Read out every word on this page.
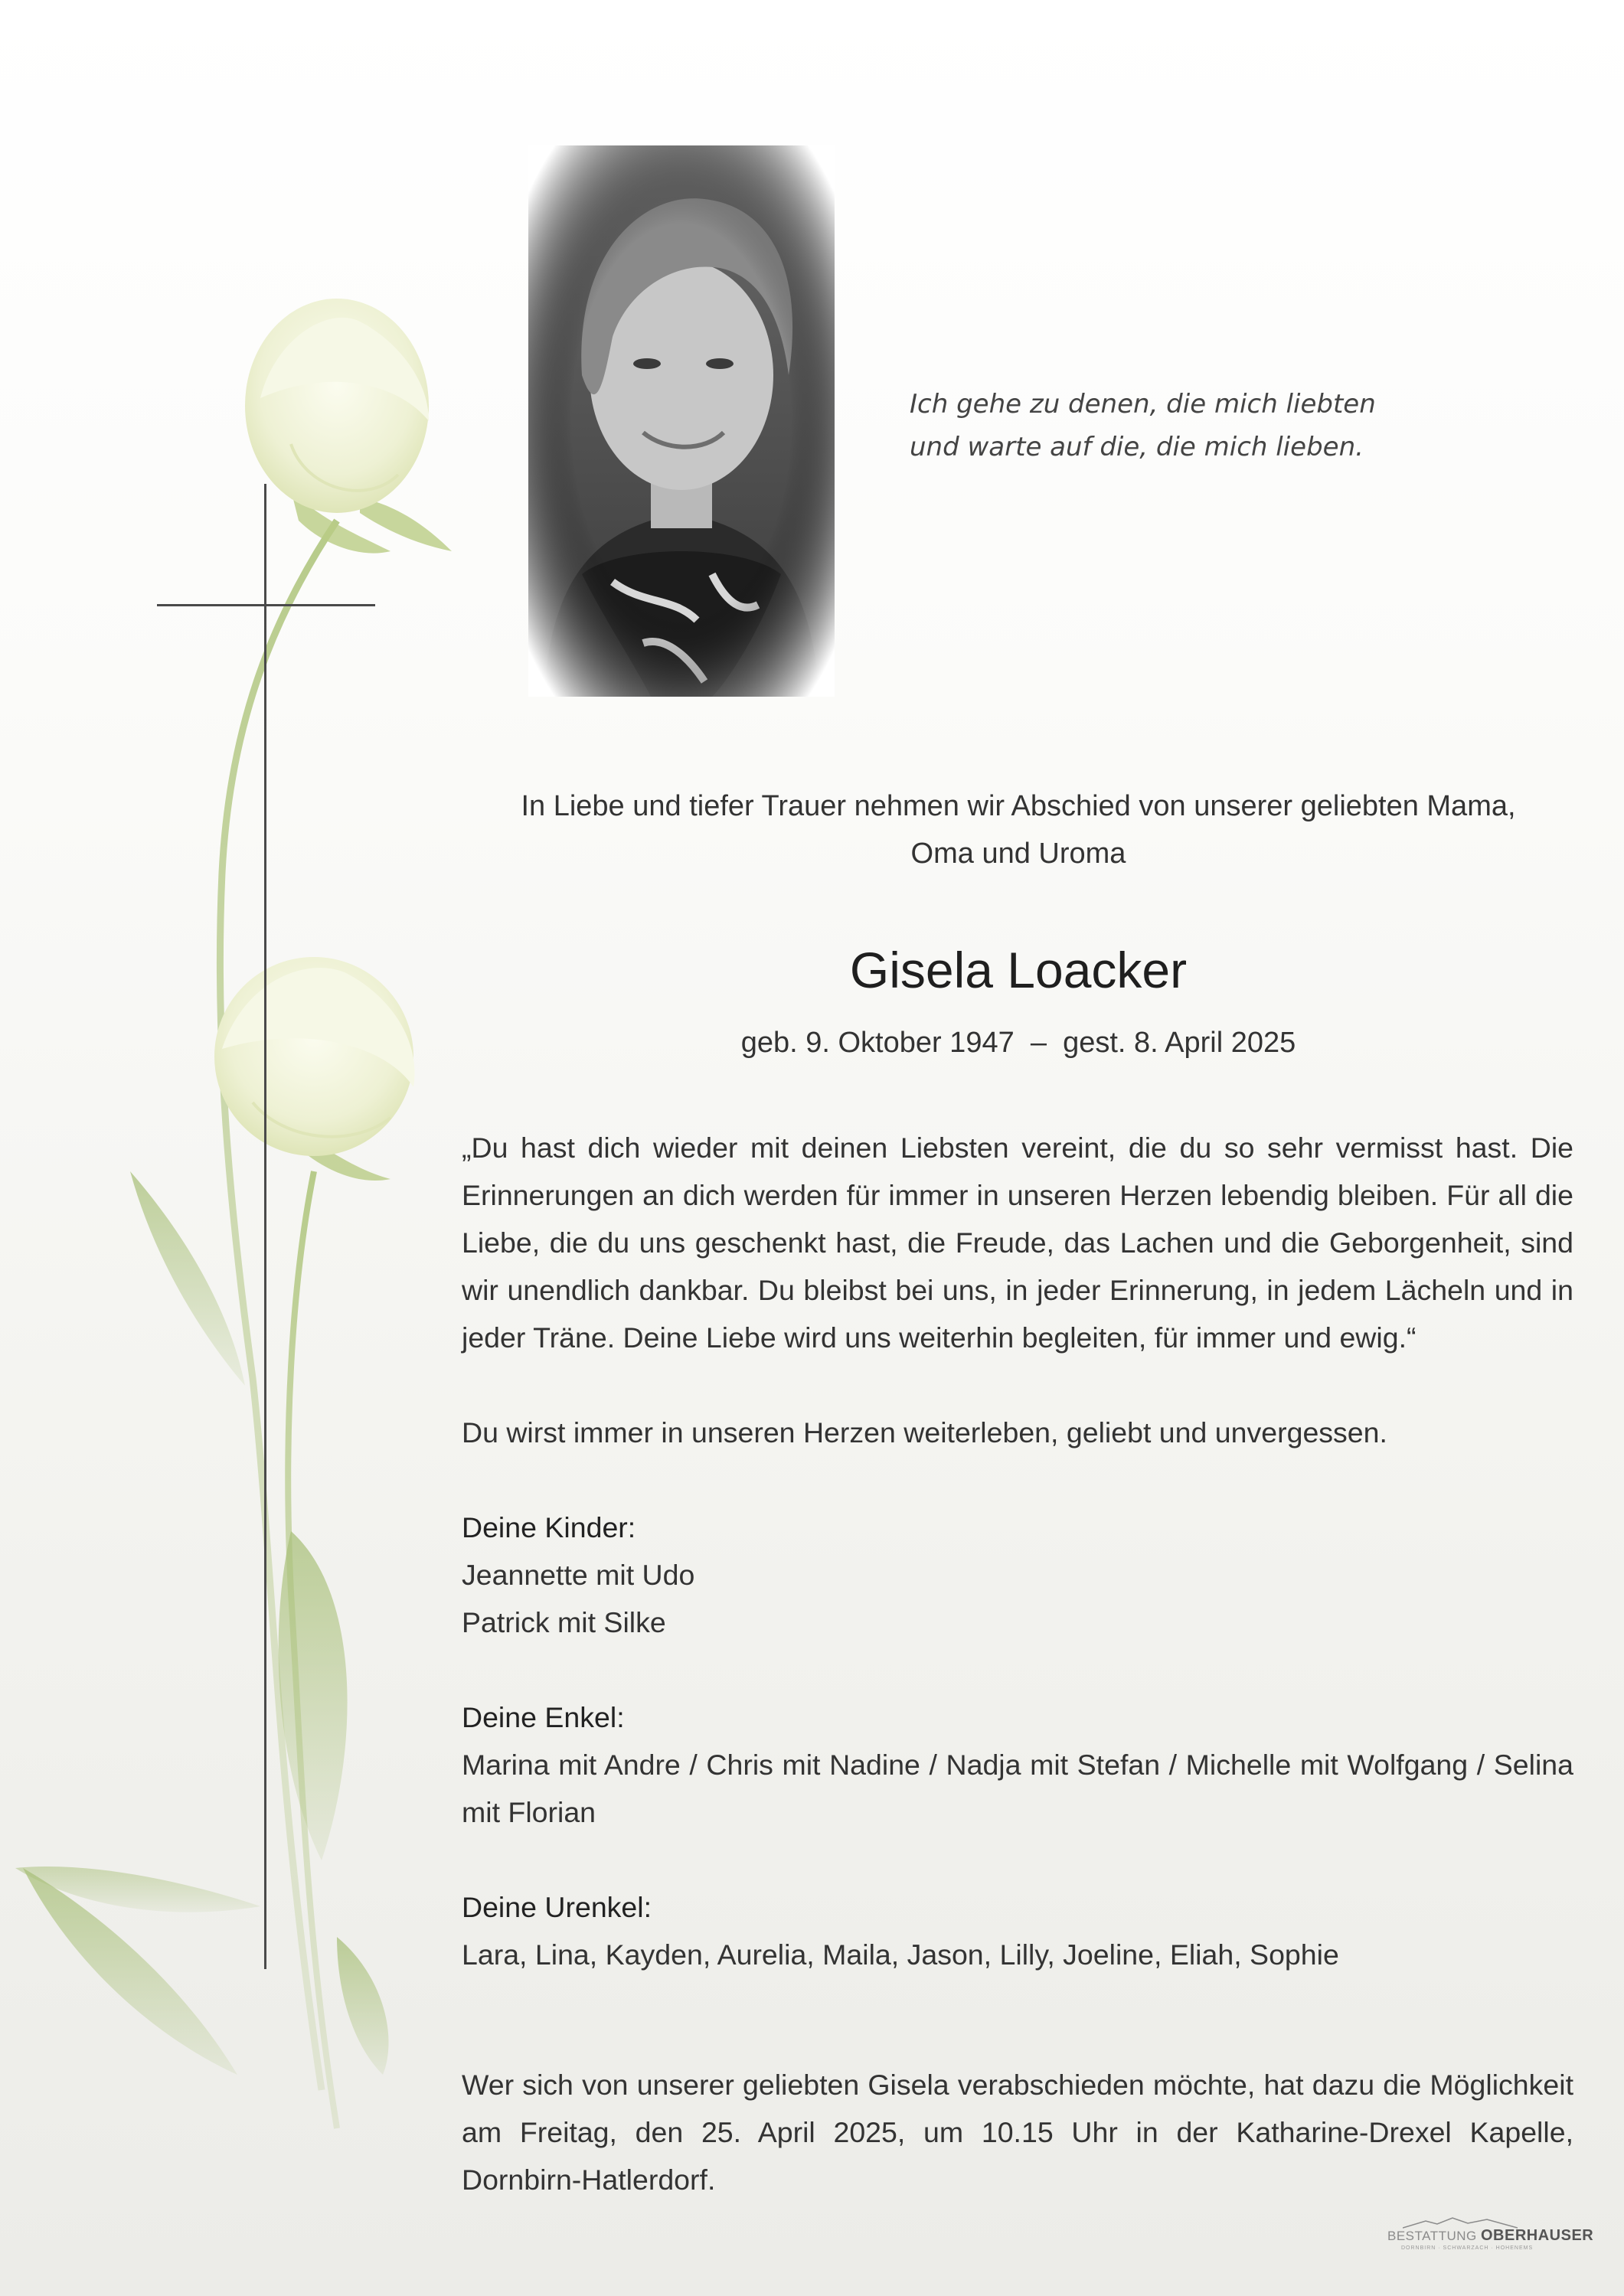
Ich gehe zu denen, die mich liebten
und warte auf die, die mich lieben.
In Liebe und tiefer Trauer nehmen wir Abschied von unserer geliebten Mama,
Oma und Uroma
Gisela Loacker
geb. 9. Oktober 1947  –  gest. 8. April 2025
„Du hast dich wieder mit deinen Liebsten vereint, die du so sehr vermisst hast. Die Erinnerungen an dich werden für immer in unseren Herzen lebendig bleiben. Für all die Liebe, die du uns geschenkt hast, die Freude, das Lachen und die Geborgenheit, sind wir unendlich dankbar. Du bleibst bei uns, in jeder Erinnerung, in jedem Lächeln und in jeder Träne. Deine Liebe wird uns weiterhin begleiten, für immer und ewig.“
Du wirst immer in unseren Herzen weiterleben, geliebt und unvergessen.
Deine Kinder:
Jeannette mit Udo
Patrick mit Silke
Deine Enkel:
Marina mit Andre / Chris mit Nadine / Nadja mit Stefan / Michelle mit Wolfgang / Selina mit Florian
Deine Urenkel:
Lara, Lina, Kayden, Aurelia, Maila, Jason, Lilly, Joeline, Eliah, Sophie
Wer sich von unserer geliebten Gisela verabschieden möchte, hat dazu die Möglichkeit am Freitag, den 25. April 2025, um 10.15 Uhr in der Katharine-Drexel Kapelle, Dornbirn-Hatlerdorf.
BESTATTUNG OBERHAUSER
DORNBIRN · SCHWARZACH · HOHENEMS
